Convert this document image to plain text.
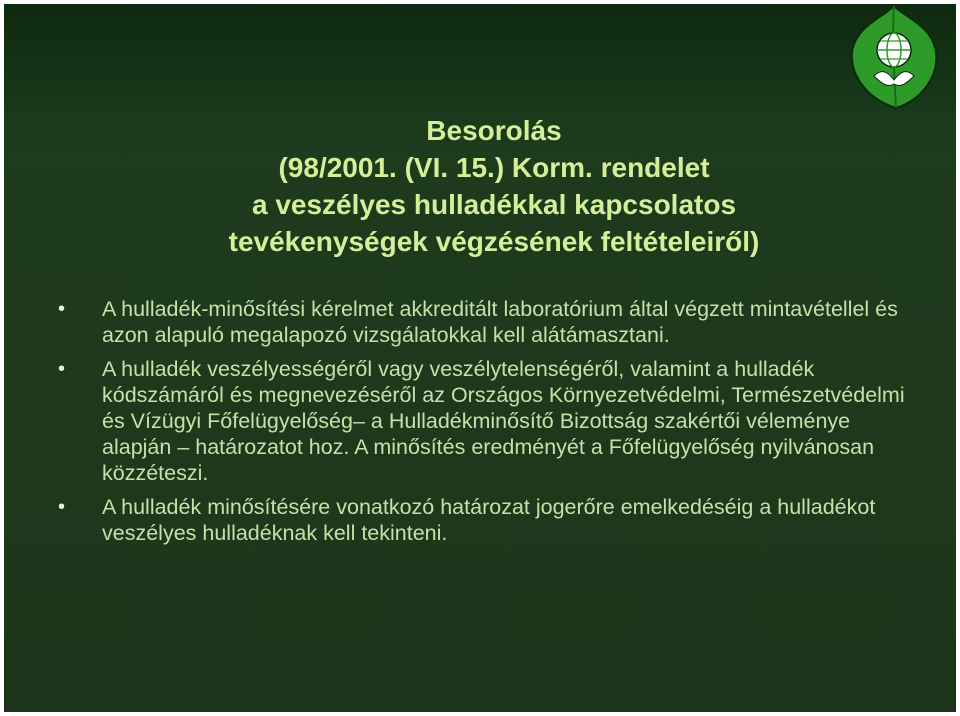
Besorolás
(98/2001. (VI. 15.) Korm. rendelet
a veszélyes hulladékkal kapcsolatos
tevékenységek végzésének feltételeiről)
• A hulladék-minősítési kérelmet akkreditált laboratórium által végzett mintavétellel és azon alapuló megalapozó vizsgálatokkal kell alátámasztani.
• A hulladék veszélyességéről vagy veszélytelenségéről, valamint a hulladék kódszámáról és megnevezéséről az Országos Környezetvédelmi, Természetvédelmi és Vízügyi Főfelügyelőség– a Hulladékminősítő Bizottság szakértői véleménye alapján – határozatot hoz. A minősítés eredményét a Főfelügyelőség nyilvánosan közzéteszi.
• A hulladék minősítésére vonatkozó határozat jogerőre emelkedéséig a hulladékot veszélyes hulladéknak kell tekinteni.
